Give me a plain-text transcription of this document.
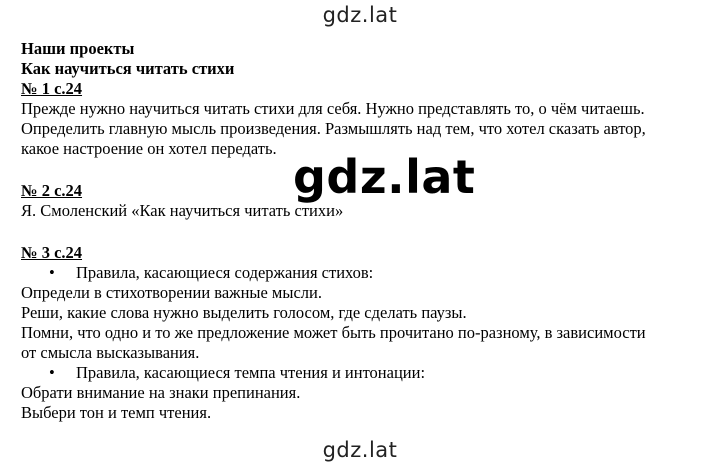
gdz.lat
Наши проекты
Как научиться читать стихи
№ 1 с.24
Прежде нужно научиться читать стихи для себя. Нужно представлять то, о чём читаешь.
Определить главную мысль произведения. Размышлять над тем, что хотел сказать автор,
какое настроение он хотел передать.
№ 2 с.24
Я. Смоленский «Как научиться читать стихи»
№ 3 с.24
• Правила, касающиеся содержания стихов:
Определи в стихотворении важные мысли.
Реши, какие слова нужно выделить голосом, где сделать паузы.
Помни, что одно и то же предложение может быть прочитано по-разному, в зависимости
от смысла высказывания.
• Правила, касающиеся темпа чтения и интонации:
Обрати внимание на знаки препинания.
Выбери тон и темп чтения.
gdz.lat
gdz.lat
